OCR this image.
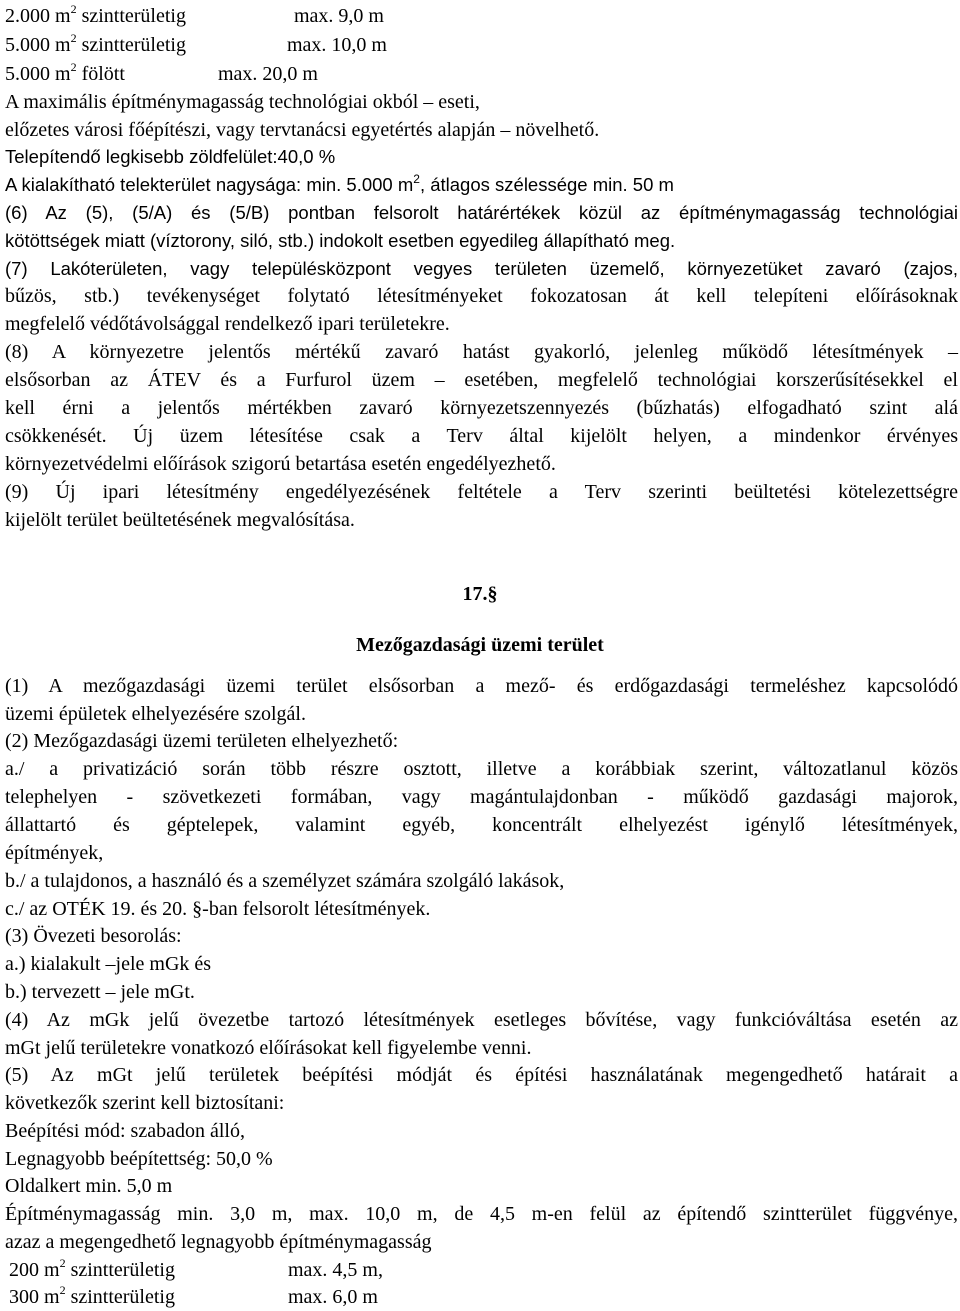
2.000 $m^2$ szintterületig	max. 9,0 m
5.000 $m^2$ szintterületig	max. 10,0 m
5.000 $m^2$ fölött	max. 20,0 m
A maximális építménymagasság technológiai okból – eseti,
előzetes városi főépítészi, vagy tervtanácsi egyetértés alapján – növelhető.
Telepítendő legkisebb zöldfelület:40,0 %
A kialakítható telekterület nagysága: min. 5.000 $m^2$, átlagos szélessége min. 50 m
(6) Az (5), (5/A) és (5/B) pontban felsorolt határértékek közül az építménymagasság technológiai
kötöttségek miatt (víztorony, siló, stb.) indokolt esetben egyedileg állapítható meg.
(7) Lakóterületen, vagy településközpont vegyes területen üzemelő, környezetüket zavaró (zajos,
bűzös, stb.) tevékenységet folytató létesítményeket fokozatosan át kell telepíteni előírásoknak
megfelelő védőtávolsággal rendelkező ipari területekre.
(8) A környezetre jelentős mértékű zavaró hatást gyakorló, jelenleg működő létesítmények –
elsősorban az ÁTEV és a Furfurol üzem – esetében, megfelelő technológiai korszerűsítésekkel el
kell érni a jelentős mértékben zavaró környezetszennyezés (bűzhatás) elfogadható szint alá
csökkenését. Új üzem létesítése csak a Terv által kijelölt helyen, a mindenkor érvényes
környezetvédelmi előírások szigorú betartása esetén engedélyezhető.
(9) Új ipari létesítmény engedélyezésének feltétele a Terv szerinti beültetési kötelezettségre
kijelölt terület beültetésének megvalósítása.
17.§
Mezőgazdasági üzemi terület
(1) A mezőgazdasági üzemi terület elsősorban a mező- és erdőgazdasági termeléshez kapcsolódó
üzemi épületek elhelyezésére szolgál.
(2) Mezőgazdasági üzemi területen elhelyezhető:
a./ a privatizáció során több részre osztott, illetve a korábbiak szerint, változatlanul közös
telephelyen - szövetkezeti formában, vagy magántulajdonban - működő gazdasági majorok,
állattartó és géptelepek, valamint egyéb, koncentrált elhelyezést igénylő létesítmények,
építmények,
b./ a tulajdonos, a használó és a személyzet számára szolgáló lakások,
c./ az OTÉK 19. és 20. §-ban felsorolt létesítmények.
(3) Övezeti besorolás:
a.) kialakult –jele mGk és
b.) tervezett – jele mGt.
(4) Az mGk jelű övezetbe tartozó létesítmények esetleges bővítése, vagy funkcióváltása esetén az
mGt jelű területekre vonatkozó előírásokat kell figyelembe venni.
(5) Az mGt jelű területek beépítési módját és építési használatának megengedhető határait a
következők szerint kell biztosítani:
Beépítési mód: szabadon álló,
Legnagyobb beépítettség: 50,0 %
Oldalkert min. 5,0 m
Építménymagasság min. 3,0 m, max. 10,0 m, de 4,5 m-en felül az építendő szintterület függvénye,
azaz a megengedhető legnagyobb építménymagasság
200 $m^2$ szintterületig	max. 4,5 m,
300 $m^2$ szintterületig	max. 6,0 m
